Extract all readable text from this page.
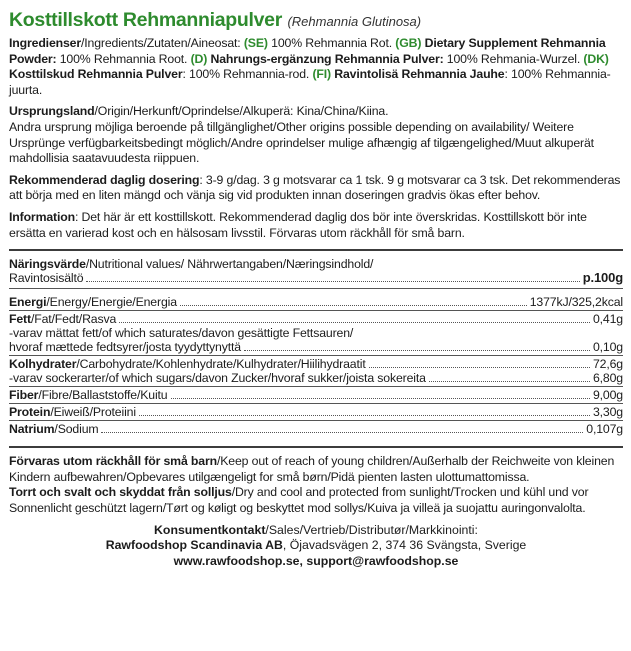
Kosttillskott Rehmanniapulver (Rehmannia Glutinosa)

Ingredienser/Ingredients/Zutaten/Aineosat: (SE) 100% Rehmannia Rot. (GB) Dietary Supplement Rehmannia Powder: 100% Rehmannia Root. (D) Nahrungs-ergänzung Rehmannia Pulver: 100% Rehmania-Wurzel. (DK) Kosttilskud Rehmannia Pulver: 100% Rehmannia-rod. (FI) Ravintolisä Rehmannia Jauhe: 100% Rehmannia-juurta.

Ursprungsland/Origin/Herkunft/Oprindelse/Alkuperä: Kina/China/Kiina.
Andra ursprung möjliga beroende på tillgänglighet/Other origins possible depending on availability/ Weitere Ursprünge verfügbarkeitsbedingt möglich/Andre oprindelser mulige afhængig af tilgængelighed/Muut alkuperät mahdollisia saatavuudesta riippuen.

Rekommenderad daglig dosering: 3-9 g/dag. 3 g motsvarar ca 1 tsk. 9 g motsvarar ca 3 tsk. Det rekommenderas att börja med en liten mängd och vänja sig vid produkten innan doseringen gradvis ökas efter behov.

Information: Det här är ett kosttillskott. Rekommenderad daglig dos bör inte överskridas. Kosttillskott bör inte ersätta en varierad kost och en hälsosam livsstil. Förvaras utom räckhåll för små barn.

Näringsvärde/Nutritional values/ Nährwertangaben/Næringsindhold/
Ravintosisältö	p.100g
Energi/Energy/Energie/Energia	1377kJ/325,2kcal
Fett/Fat/Fedt/Rasva	0,41g
-varav mättat fett/of which saturates/davon gesättigte Fettsauren/
hvoraf mættede fedtsyrer/josta tyydyttynyttä	0,10g
Kolhydrater/Carbohydrate/Kohlenhydrate/Kulhydrater/Hiilihydraatit	72,6g
-varav sockerarter/of which sugars/davon Zucker/hvoraf sukker/joista sokereita	6,80g
Fiber/Fibre/Ballaststoffe/Kuitu	9,00g
Protein/Eiweiß/Proteiini	3,30g
Natrium/Sodium	0,107g

Förvaras utom räckhåll för små barn/Keep out of reach of young children/Außerhalb der Reichweite von kleinen Kindern aufbewahren/Opbevares utilgængeligt for små børn/Pidä pienten lasten ulottumattomissa.

Torrt och svalt och skyddat från solljus/Dry and cool and protected from sunlight/Trocken und kühl und vor Sonnenlicht geschützt lagern/Tørt og køligt og beskyttet mod sollys/Kuiva ja villeä ja suojattu auringonvalolta.

Konsumentkontakt/Sales/Vertrieb/Distributør/Markkinointi:
Rawfoodshop Scandinavia AB, Öjavadsvägen 2, 374 36 Svängsta, Sverige
www.rawfoodshop.se, support@rawfoodshop.se
